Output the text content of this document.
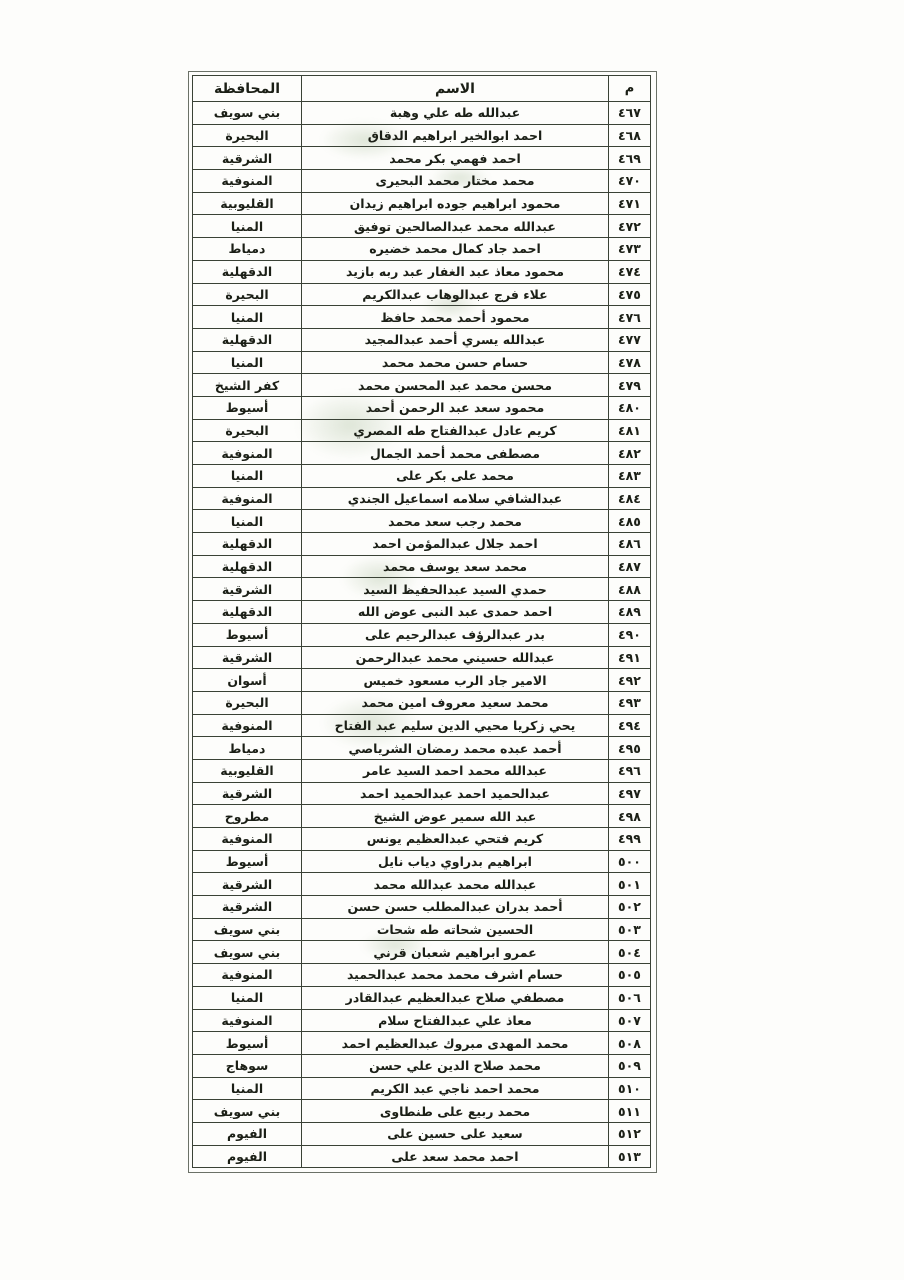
م	الاسم	المحافظة
٤٦٧	عبدالله طه علي وهبة	بني سويف
٤٦٨	احمد ابوالخير ابراهيم الدقاق	البحيرة
٤٦٩	احمد فهمي بكر محمد	الشرقية
٤٧٠	محمد مختار محمد البحيرى	المنوفية
٤٧١	محمود ابراهيم جوده ابراهيم زيدان	القليوبية
٤٧٢	عبدالله محمد عبدالصالحين توفيق	المنيا
٤٧٣	احمد جاد كمال محمد خضيره	دمياط
٤٧٤	محمود معاذ عبد الغفار عبد ربه بازيد	الدقهلية
٤٧٥	علاء فرج عبدالوهاب عبدالكريم	البحيرة
٤٧٦	محمود أحمد محمد حافظ	المنيا
٤٧٧	عبدالله يسري أحمد عبدالمجيد	الدقهلية
٤٧٨	حسام حسن محمد محمد	المنيا
٤٧٩	محسن محمد عبد المحسن محمد	كفر الشيخ
٤٨٠	محمود سعد عبد الرحمن أحمد	أسيوط
٤٨١	كريم عادل عبدالفتاح طه المصري	البحيرة
٤٨٢	مصطفى محمد أحمد الجمال	المنوفية
٤٨٣	محمد على بكر على	المنيا
٤٨٤	عبدالشافي سلامه اسماعيل الجندي	المنوفية
٤٨٥	محمد رجب سعد محمد	المنيا
٤٨٦	احمد جلال عبدالمؤمن احمد	الدقهلية
٤٨٧	محمد سعد يوسف محمد	الدقهلية
٤٨٨	حمدي السيد عبدالحفيظ السيد	الشرقية
٤٨٩	احمد حمدى عبد النبى عوض الله	الدقهلية
٤٩٠	بدر عبدالرؤف عبدالرحيم على	أسيوط
٤٩١	عبدالله حسيني محمد عبدالرحمن	الشرقية
٤٩٢	الامير جاد الرب مسعود خميس	أسوان
٤٩٣	محمد سعيد معروف امين محمد	البحيرة
٤٩٤	يحي زكريا محيي الدين سليم عبد الفتاح	المنوفية
٤٩٥	أحمد عبده محمد رمضان الشرياصي	دمياط
٤٩٦	عبدالله محمد احمد السيد عامر	القليوبية
٤٩٧	عبدالحميد احمد عبدالحميد احمد	الشرقية
٤٩٨	عبد الله سمير عوض الشيخ	مطروح
٤٩٩	كريم فتحي عبدالعظيم يونس	المنوفية
٥٠٠	ابراهيم بدراوي دياب نايل	أسيوط
٥٠١	عبدالله محمد عبدالله محمد	الشرقية
٥٠٢	أحمد بدران عبدالمطلب حسن حسن	الشرقية
٥٠٣	الحسين شحاته طه شحات	بني سويف
٥٠٤	عمرو ابراهيم شعبان قرني	بني سويف
٥٠٥	حسام اشرف محمد محمد عبدالحميد	المنوفية
٥٠٦	مصطفي صلاح عبدالعظيم عبدالقادر	المنيا
٥٠٧	معاذ علي عبدالفتاح سلام	المنوفية
٥٠٨	محمد المهدى مبروك عبدالعظيم احمد	أسيوط
٥٠٩	محمد صلاح الدين علي حسن	سوهاج
٥١٠	محمد احمد ناجي عبد الكريم	المنيا
٥١١	محمد ربيع على طنطاوى	بني سويف
٥١٢	سعيد على حسين على	الفيوم
٥١٣	احمد محمد سعد على	الفيوم
